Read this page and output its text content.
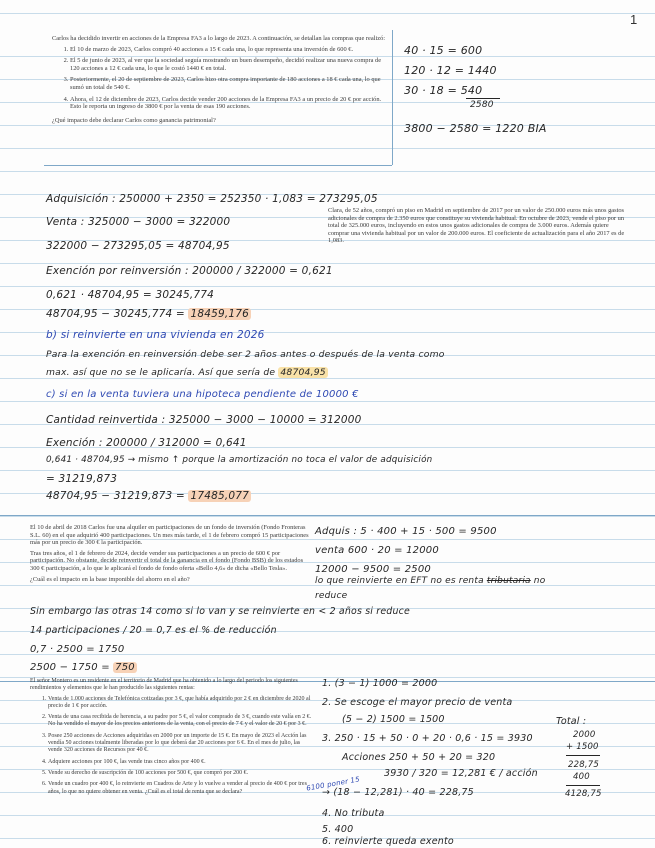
1

Carlos ha decidido invertir en acciones de la Empresa FA3 a lo largo de 2023. A continuación, se detallan las compras que realizó:

1. El 10 de marzo de 2023, Carlos compró 40 acciones a 15 € cada una, lo que representa una inversión de 600 €.
2. El 5 de junio de 2023, al ver que la sociedad seguía mostrando un buen desempeño, decidió realizar una nueva compra de 120 acciones a 12 € cada una, lo que le costó 1440 € en total.
3. Posteriormente, el 20 de septiembre de 2023, Carlos hizo otra compra importante de 180 acciones a 18 € cada una, lo que sumó un total de 540 €.
4. Ahora, el 12 de diciembre de 2023, Carlos decide vender 200 acciones de la Empresa FA3 a un precio de 20 € por acción. Esto le reporta un ingreso de 3800 € por la venta de esas 190 acciones.

¿Qué impacto debe declarar Carlos como ganancia patrimonial?

40 · 15 = 600
120 · 12 = 1440
30 · 18 = 540
2580
3800 − 2580 = 1220 BIA
Clara, de 52 años, compró un piso en Madrid en septiembre de 2017 por un valor de 250.000 euros más unos gastos adicionales de compra de 2.350 euros que constituye su vivienda habitual. En octubre de 2023, vende el piso por un total de 325.000 euros, incluyendo en estos unos gastos adicionales de compra de 3.000 euros. Además quiere comprar una vivienda habitual por un valor de 200.000 euros. El coeficiente de actualización para el año 2017 es de 1,083.
Adquisición : 250000 + 2350 = 252350 · 1,083 = 273295,05
Venta : 325000 − 3000 = 322000
322000 − 273295,05 = 48704,95
Exención por reinversión : 200000 / 322000 = 0,621
0,621 · 48704,95 = 30245,774
48704,95 − 30245,774 = 18459,176
b) si reinvierte en una vivienda en 2026
Para la exención en reinversión debe ser 2 años antes o después de la venta como
max. así que no se le aplicaría. Así que sería de 48704,95
c) si en la venta tuviera una hipoteca pendiente de 10000 €
Cantidad reinvertida : 325000 − 3000 − 10000 = 312000
Exención : 200000 / 312000 = 0,641
0,641 · 48704,95 → mismo ↑ porque la amortización no toca el valor de adquisición
= 31219,873
48704,95 − 31219,873 = 17485,077

El 10 de abril de 2018 Carlos fue una alquiler en participaciones de un fondo de inversión (Fondo Fronteras S.L. 60) en el que adquirió 400 participaciones. Un mes más tarde, el 1 de febrero compró 15 participaciones más por un precio de 300 € la participación.

Tras tres años, el 1 de febrero de 2024, decide vender sus participaciones a un precio de 600 € por participación. No obstante, decide reinvertir el total de la ganancia en el fondo (Fondo BSB) de los estados 300 € participación, a lo que le aplicará el fondo de fondo oferta «Bello 4,6» de dicha «Bello Tesla».

¿Cuál es el impacto en la base imponible del ahorro en el año?

Adquis : 5 · 400 + 15 · 500 = 9500
venta 600 · 20 = 12000
12000 − 9500 = 2500
lo que reinvierte en EFT no es renta tributaria no
reduce
Sin embargo las otras 14 como si lo van y se reinvierte en < 2 años si reduce
14 participaciones / 20 = 0,7 es el % de reducción
0,7 · 2500 = 1750
2500 − 1750 = 750

El señor Montero es un residente en el territorio de Madrid que ha obtenido a lo largo del periodo los siguientes rendimientos y elementos que le han producido las siguientes rentas:

1. Venta de 1.000 acciones de Telefónica cotizadas por 3 €, que había adquirido por 2 € en diciembre de 2020 al precio de 1 € por acción.
2. Venta de una casa recibida de herencia, a su padre por 5 €, el valor comprado de 3 €, cuando este valía en 2 €. No ha vendido el mayor de los precios anteriores de la venta, con el precio de 7 € y el valor de 20 € por 3 €.
3. Posee 250 acciones de Acciones adquiridas en 2000 por un importe de 15 €. En mayo de 2023 el Acción las vendía 50 acciones totalmente liberadas por lo que deberá dar 20 acciones por 6 €. En el mes de julio, las vende 320 acciones de Recursos por 40 €.
4. Adquiere acciones por 100 €, las vende tras cinco años por 400 €.
5. Vende su derecho de suscripción de 100 acciones por 500 €, que compró por 200 €.
6. Vende un cuadro por 400 €, lo reinvierte en Cuadros de Arte y lo vuelve a vender al precio de 400 € por tres años, lo que no quiere obtener en venta. ¿Cuál es el total de renta que se declara?
1. (3 − 1) 1000 = 2000
2. Se escoge el mayor precio de venta
(5 − 2) 1500 = 1500
3. 250 · 15 + 50 · 0 + 20 · 0,6 · 15 = 3930
Acciones 250 + 50 + 20 = 320
3930 / 320 = 12,281 € / acción
6100 poner 15
→ (18 − 12,281) · 40 = 228,75
4. No tributa
5. 400
6. reinvierte queda exento
Total :
2000
+ 1500
228,75
400
4128,75
